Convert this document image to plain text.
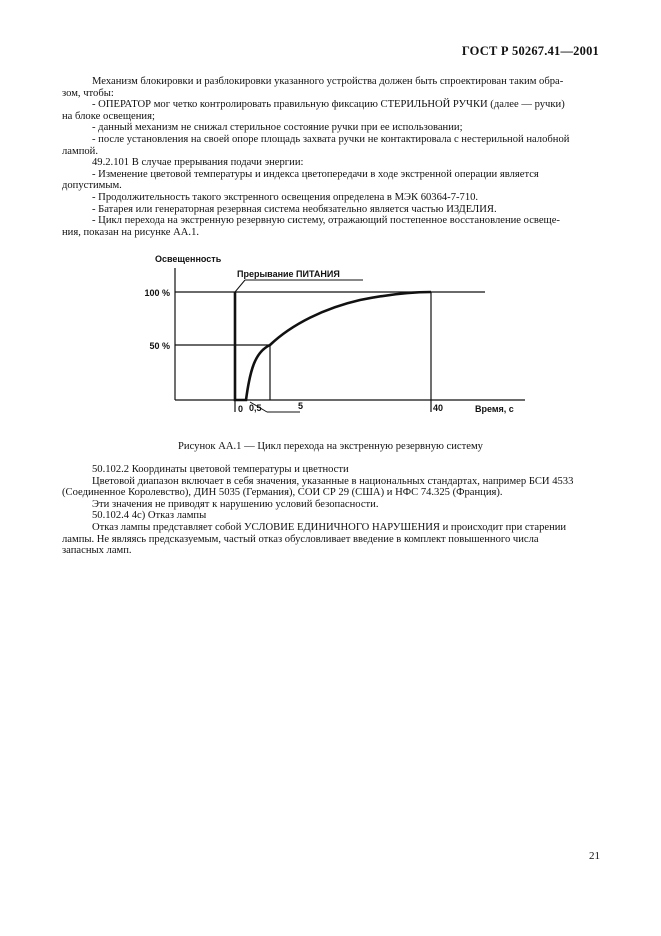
ГОСТ Р 50267.41—2001

Механизм блокировки и разблокировки указанного устройства должен быть спроектирован таким обра-

зом, чтобы:

- ОПЕРАТОР мог четко контролировать правильную фиксацию СТЕРИЛЬНОЙ РУЧКИ (далее — ручки)

на блоке освещения;

- данный механизм не снижал стерильное состояние ручки при ее использовании;

- после установления на своей опоре площадь захвата ручки не контактировала с нестерильной налобной

лампой.

49.2.101 В случае прерывания подачи энергии:

- Изменение цветовой температуры и индекса цветопередачи в ходе экстренной операции является

допустимым.

- Продолжительность такого экстренного освещения определена в МЭК 60364-7-710.

- Батарея или генераторная резервная система необязательно является частью ИЗДЕЛИЯ.

- Цикл перехода на экстренную резервную систему, отражающий постепенное восстановление освеще-

ния, показан на рисунке АА.1.

Освещенность
100 %
50 %
Прерывание ПИТАНИЯ
0 0,5	5	40	Время, с
Рисунок АА.1 — Цикл перехода на экстренную резервную систему

50.102.2 Координаты цветовой температуры и цветности

Цветовой диапазон включает в себя значения, указанные в национальных стандартах, например БСИ 4533

(Соединенное Королевство), ДИН 5035 (Германия), СОИ СР 29 (США) и НФС 74.325 (Франция).

Эти значения не приводят к нарушению условий безопасности.

50.102.4 4с) Отказ лампы

Отказ лампы представляет собой УСЛОВИЕ ЕДИНИЧНОГО НАРУШЕНИЯ и происходит при старении

лампы. Не являясь предсказуемым, частый отказ обусловливает введение в комплект повышенного числа

запасных ламп.

21
